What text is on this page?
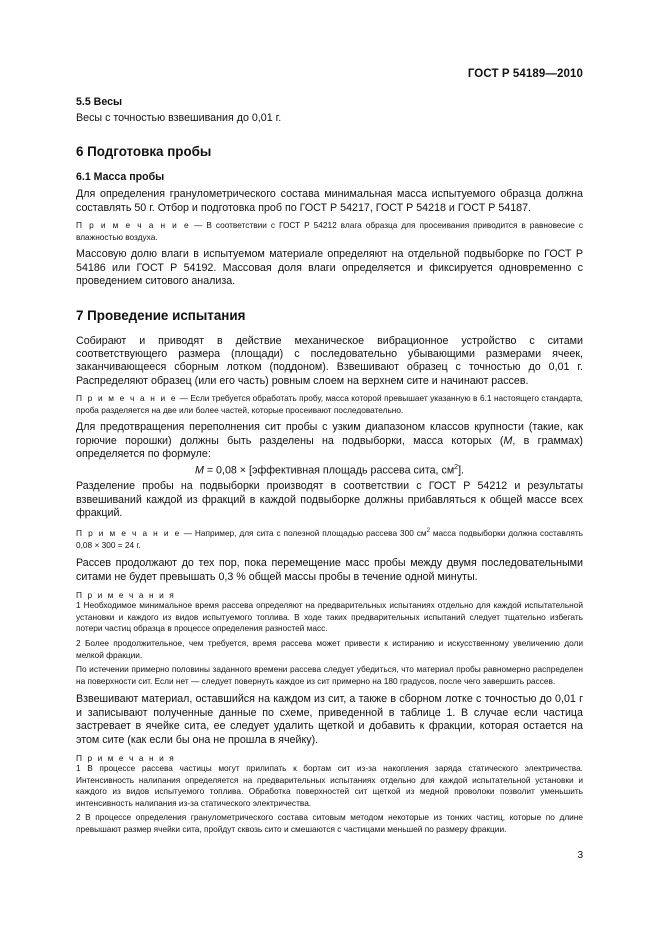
ГОСТ Р 54189—2010
5.5 Весы

Весы с точностью взвешивания до 0,01 г.

6 Подготовка пробы
6.1 Масса пробы

Для определения гранулометрического состава минимальная масса испытуемого образца должна составлять 50 г. Отбор и подготовка проб по ГОСТ Р 54217, ГОСТ Р 54218 и ГОСТ Р 54187.

П р и м е ч а н и е — В соответствии с ГОСТ Р 54212 влага образца для просеивания приводится в равновесие с влажностью воздуха.

Массовую долю влаги в испытуемом материале определяют на отдельной подвыборке по ГОСТ Р 54186 или ГОСТ Р 54192. Массовая доля влаги определяется и фиксируется одновременно с проведением ситового анализа.

7 Проведение испытания

Собирают и приводят в действие механическое вибрационное устройство с ситами соответствующего размера (площади) с последовательно убывающими размерами ячеек, заканчивающееся сборным лотком (поддоном). Взвешивают образец с точностью до 0,01 г. Распределяют образец (или его часть) ровным слоем на верхнем сите и начинают рассев.

П р и м е ч а н и е — Если требуется обработать пробу, масса которой превышает указанную в 6.1 настоящего стандарта, проба разделяется на две или более частей, которые просеивают последовательно.

Для предотвращения переполнения сит пробы с узким диапазоном классов крупности (такие, как горючие порошки) должны быть разделены на подвыборки, масса которых (M, в граммах) определяется по формуле:

M = 0,08 × [эффективная площадь рассева сита, $см^2$].

Разделение пробы на подвыборки производят в соответствии с ГОСТ Р 54212 и результаты взвешиваний каждой из фракций в каждой подвыборке должны прибавляться к общей массе всех фракций.

П р и м е ч а н и е — Например, для сита с полезной площадью рассева 300 $см^2$ масса подвыборки должна составлять 0,08 × 300 = 24 г.

Рассев продолжают до тех пор, пока перемещение масс пробы между двумя последовательными ситами не будет превышать 0,3 % общей массы пробы в течение одной минуты.

П р и м е ч а н и я

1 Необходимое минимальное время рассева определяют на предварительных испытаниях отдельно для каждой испытательной установки и каждого из видов испытуемого топлива. В ходе таких предварительных испытаний следует тщательно избегать потери частиц образца в процессе определения разностей масс.

2 Более продолжительное, чем требуется, время рассева может привести к истиранию и искусственному увеличению доли мелкой фракции.

По истечении примерно половины заданного времени рассева следует убедиться, что материал пробы равномерно распределен на поверхности сит. Если нет — следует повернуть каждое из сит примерно на 180 градусов, после чего завершить рассев.

Взвешивают материал, оставшийся на каждом из сит, а также в сборном лотке с точностью до 0,01 г и записывают полученные данные по схеме, приведенной в таблице 1. В случае если частица застревает в ячейке сита, ее следует удалить щеткой и добавить к фракции, которая остается на этом сите (как если бы она не прошла в ячейку).

П р и м е ч а н и я

1 В процессе рассева частицы могут прилипать к бортам сит из-за накопления заряда статического электричества. Интенсивность налипания определяется на предварительных испытаниях отдельно для каждой испытательной установки и каждого из видов испытуемого топлива. Обработка поверхностей сит щеткой из медной проволоки позволит уменьшить интенсивность налипания из-за статического электричества.

2 В процессе определения гранулометрического состава ситовым методом некоторые из тонких частиц, которые по длине превышают размер ячейки сита, пройдут сквозь сито и смешаются с частицами меньшей по размеру фракции.

3
